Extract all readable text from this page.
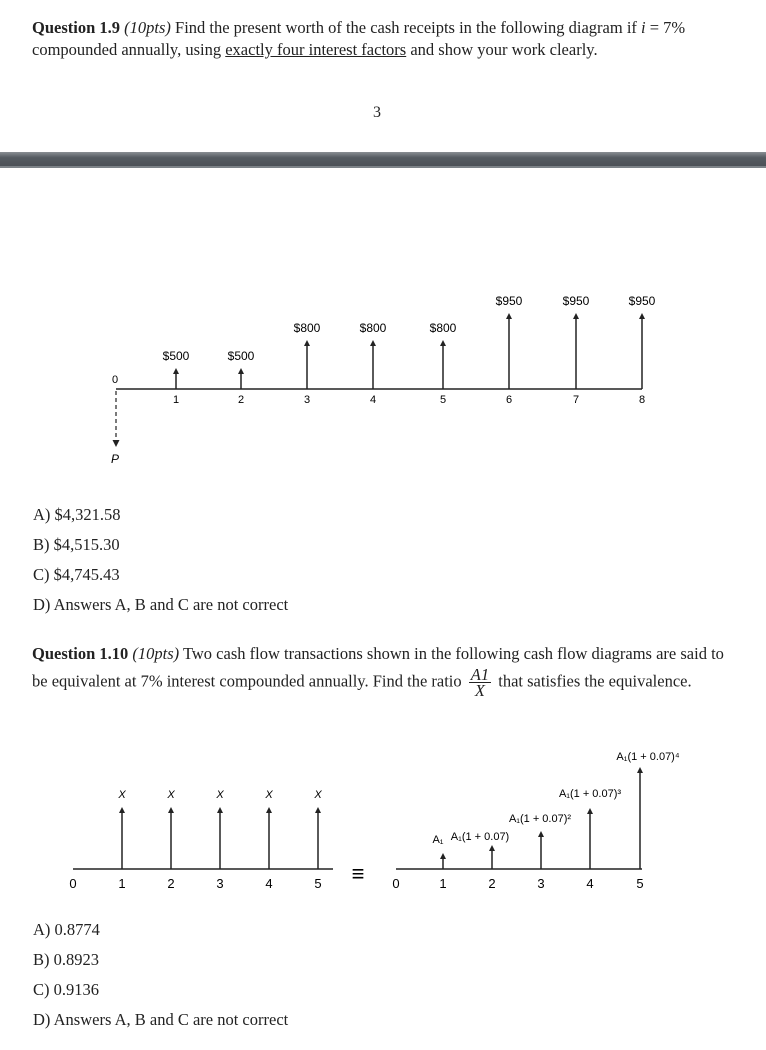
Question 1.9 (10pts) Find the present worth of the cash receipts in the following diagram if i = 7% compounded annually, using exactly four interest factors and show your work clearly.
3
0
P
$500
1
$500
2
$800
3
$800
4
$800
5
$950
6
$950
7
$950
8
A) $4,321.58
B) $4,515.30
C) $4,745.43
D) Answers A, B and C are not correct
Question 1.10 (10pts) Two cash flow transactions shown in the following cash flow diagrams are said to be equivalent at 7% interest compounded annually. Find the ratio $\frac{A1}{X}$ that satisfies the equivalence.
≡
0	1	2	3	4	5
X	X	X	X	X
0	1	2	3	4	5
A₁ A₁(1 + 0.07)
A₁(1 + 0.07)²
A₁(1 + 0.07)³
A₁(1 + 0.07)⁴
A) 0.8774
B) 0.8923
C) 0.9136
D) Answers A, B and C are not correct
